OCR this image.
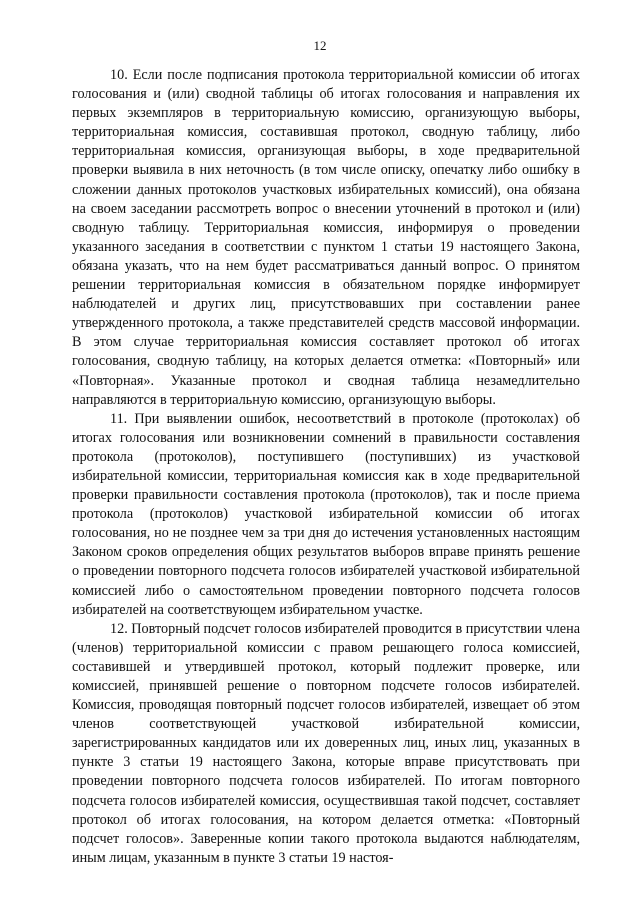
12

10. Если после подписания протокола территориальной комиссии об итогах голосования и (или) сводной таблицы об итогах голосования и направления их первых экземпляров в территориальную комиссию, организующую выборы, территориальная комиссия, составившая протокол, сводную таблицу, либо территориальная комиссия, организующая выборы, в ходе предварительной проверки выявила в них неточность (в том числе описку, опечатку либо ошибку в сложении данных протоколов участковых избирательных комиссий), она обязана на своем заседании рассмотреть вопрос о внесении уточнений в протокол и (или) сводную таблицу. Территориальная комиссия, информируя о проведении указанного заседания в соответствии с пунктом 1 статьи 19 настоящего Закона, обязана указать, что на нем будет рассматриваться данный вопрос. О принятом решении территориальная комиссия в обязательном порядке информирует наблюдателей и других лиц, присутствовавших при составлении ранее утвержденного протокола, а также представителей средств массовой информации. В этом случае территориальная комиссия составляет протокол об итогах голосования, сводную таблицу, на которых делается отметка: «Повторный» или «Повторная». Указанные протокол и сводная таблица незамедлительно направляются в территориальную комиссию, организующую выборы.

11. При выявлении ошибок, несоответствий в протоколе (протоколах) об итогах голосования или возникновении сомнений в правильности составления протокола (протоколов), поступившего (поступивших) из участковой избирательной комиссии, территориальная комиссия как в ходе предварительной проверки правильности составления протокола (протоколов), так и после приема протокола (протоколов) участковой избирательной комиссии об итогах голосования, но не позднее чем за три дня до истечения установленных настоящим Законом сроков определения общих результатов выборов вправе принять решение о проведении повторного подсчета голосов избирателей участковой избирательной комиссией либо о самостоятельном проведении повторного подсчета голосов избирателей на соответствующем избирательном участке.

12. Повторный подсчет голосов избирателей проводится в присутствии члена (членов) территориальной комиссии с правом решающего голоса комиссией, составившей и утвердившей протокол, который подлежит проверке, или комиссией, принявшей решение о повторном подсчете голосов избирателей. Комиссия, проводящая повторный подсчет голосов избирателей, извещает об этом членов соответствующей участковой избирательной комиссии, зарегистрированных кандидатов или их доверенных лиц, иных лиц, указанных в пункте 3 статьи 19 настоящего Закона, которые вправе присутствовать при проведении повторного подсчета голосов избирателей. По итогам повторного подсчета голосов избирателей комиссия, осуществившая такой подсчет, составляет протокол об итогах голосования, на котором делается отметка: «Повторный подсчет голосов». Заверенные копии такого протокола выдаются наблюдателям, иным лицам, указанным в пункте 3 статьи 19 настоя-
